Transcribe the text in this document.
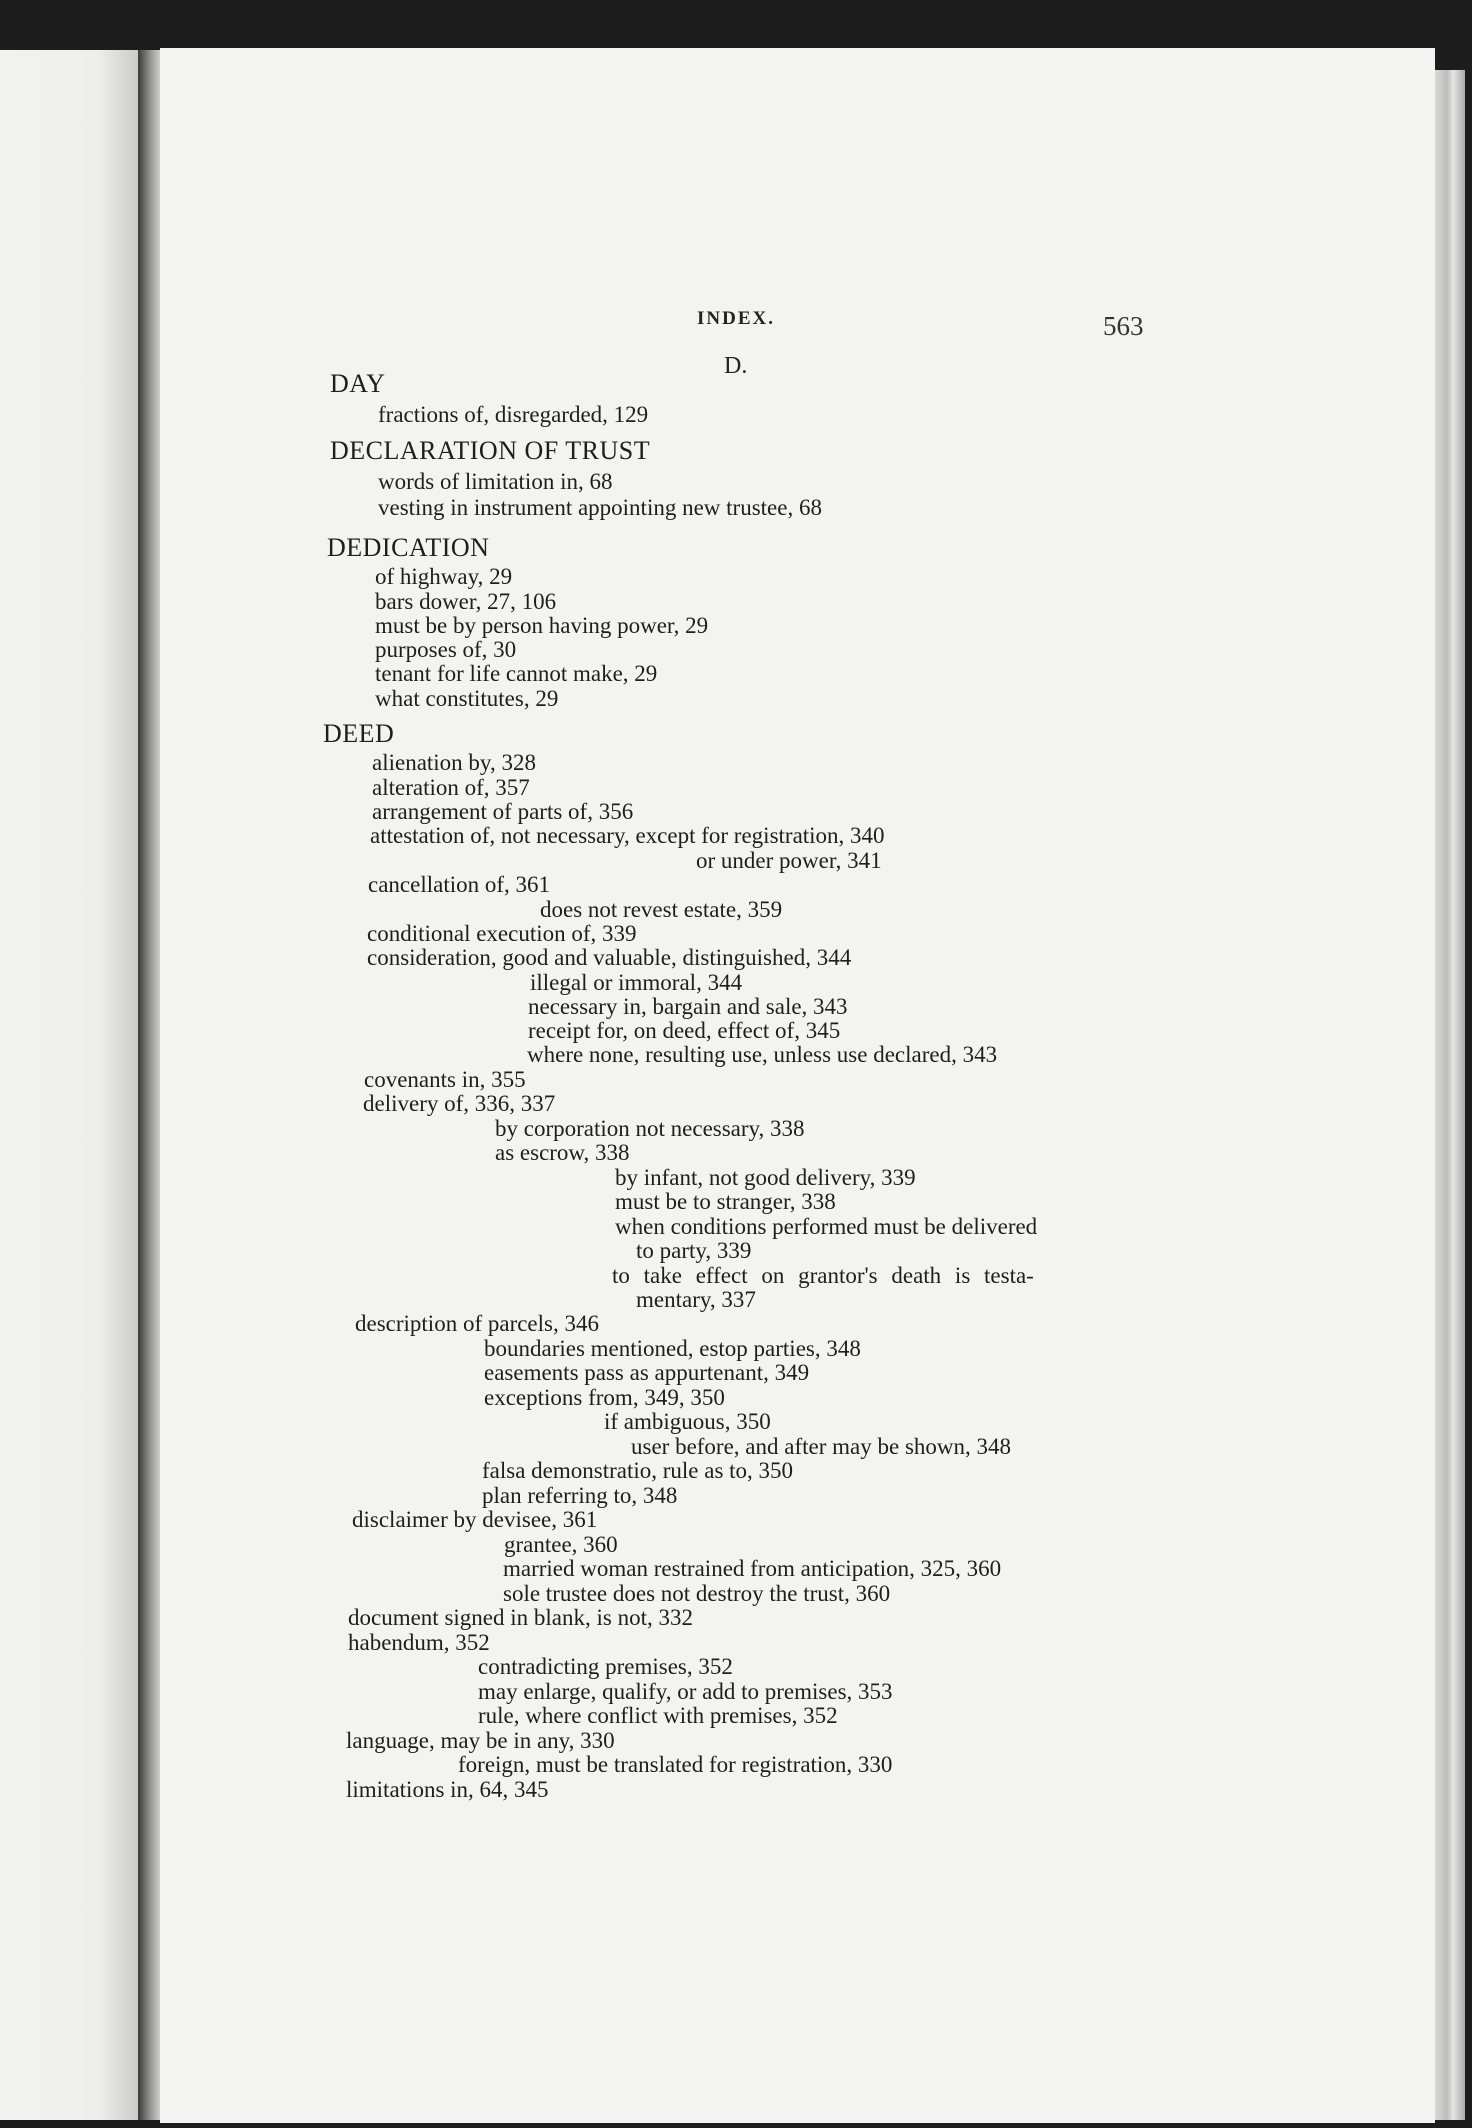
INDEX.	563
D.
DAY
fractions of, disregarded, 129
DECLARATION OF TRUST
words of limitation in, 68
vesting in instrument appointing new trustee, 68
DEDICATION
of highway, 29
bars dower, 27, 106
must be by person having power, 29
purposes of, 30
tenant for life cannot make, 29
what constitutes, 29
DEED
alienation by, 328
alteration of, 357
arrangement of parts of, 356
attestation of, not necessary, except for registration, 340
or under power, 341
cancellation of, 361
does not revest estate, 359
conditional execution of, 339
consideration, good and valuable, distinguished, 344
illegal or immoral, 344
necessary in, bargain and sale, 343
receipt for, on deed, effect of, 345
where none, resulting use, unless use declared, 343
covenants in, 355
delivery of, 336, 337
by corporation not necessary, 338
as escrow, 338
by infant, not good delivery, 339
must be to stranger, 338
when conditions performed must be delivered
to party, 339
to take effect on grantor's death is testa-
mentary, 337
description of parcels, 346
boundaries mentioned, estop parties, 348
easements pass as appurtenant, 349
exceptions from, 349, 350
if ambiguous, 350
user before, and after may be shown, 348
falsa demonstratio, rule as to, 350
plan referring to, 348
disclaimer by devisee, 361
grantee, 360
married woman restrained from anticipation, 325, 360
sole trustee does not destroy the trust, 360
document signed in blank, is not, 332
habendum, 352
contradicting premises, 352
may enlarge, qualify, or add to premises, 353
rule, where conflict with premises, 352
language, may be in any, 330
foreign, must be translated for registration, 330
limitations in, 64, 345
